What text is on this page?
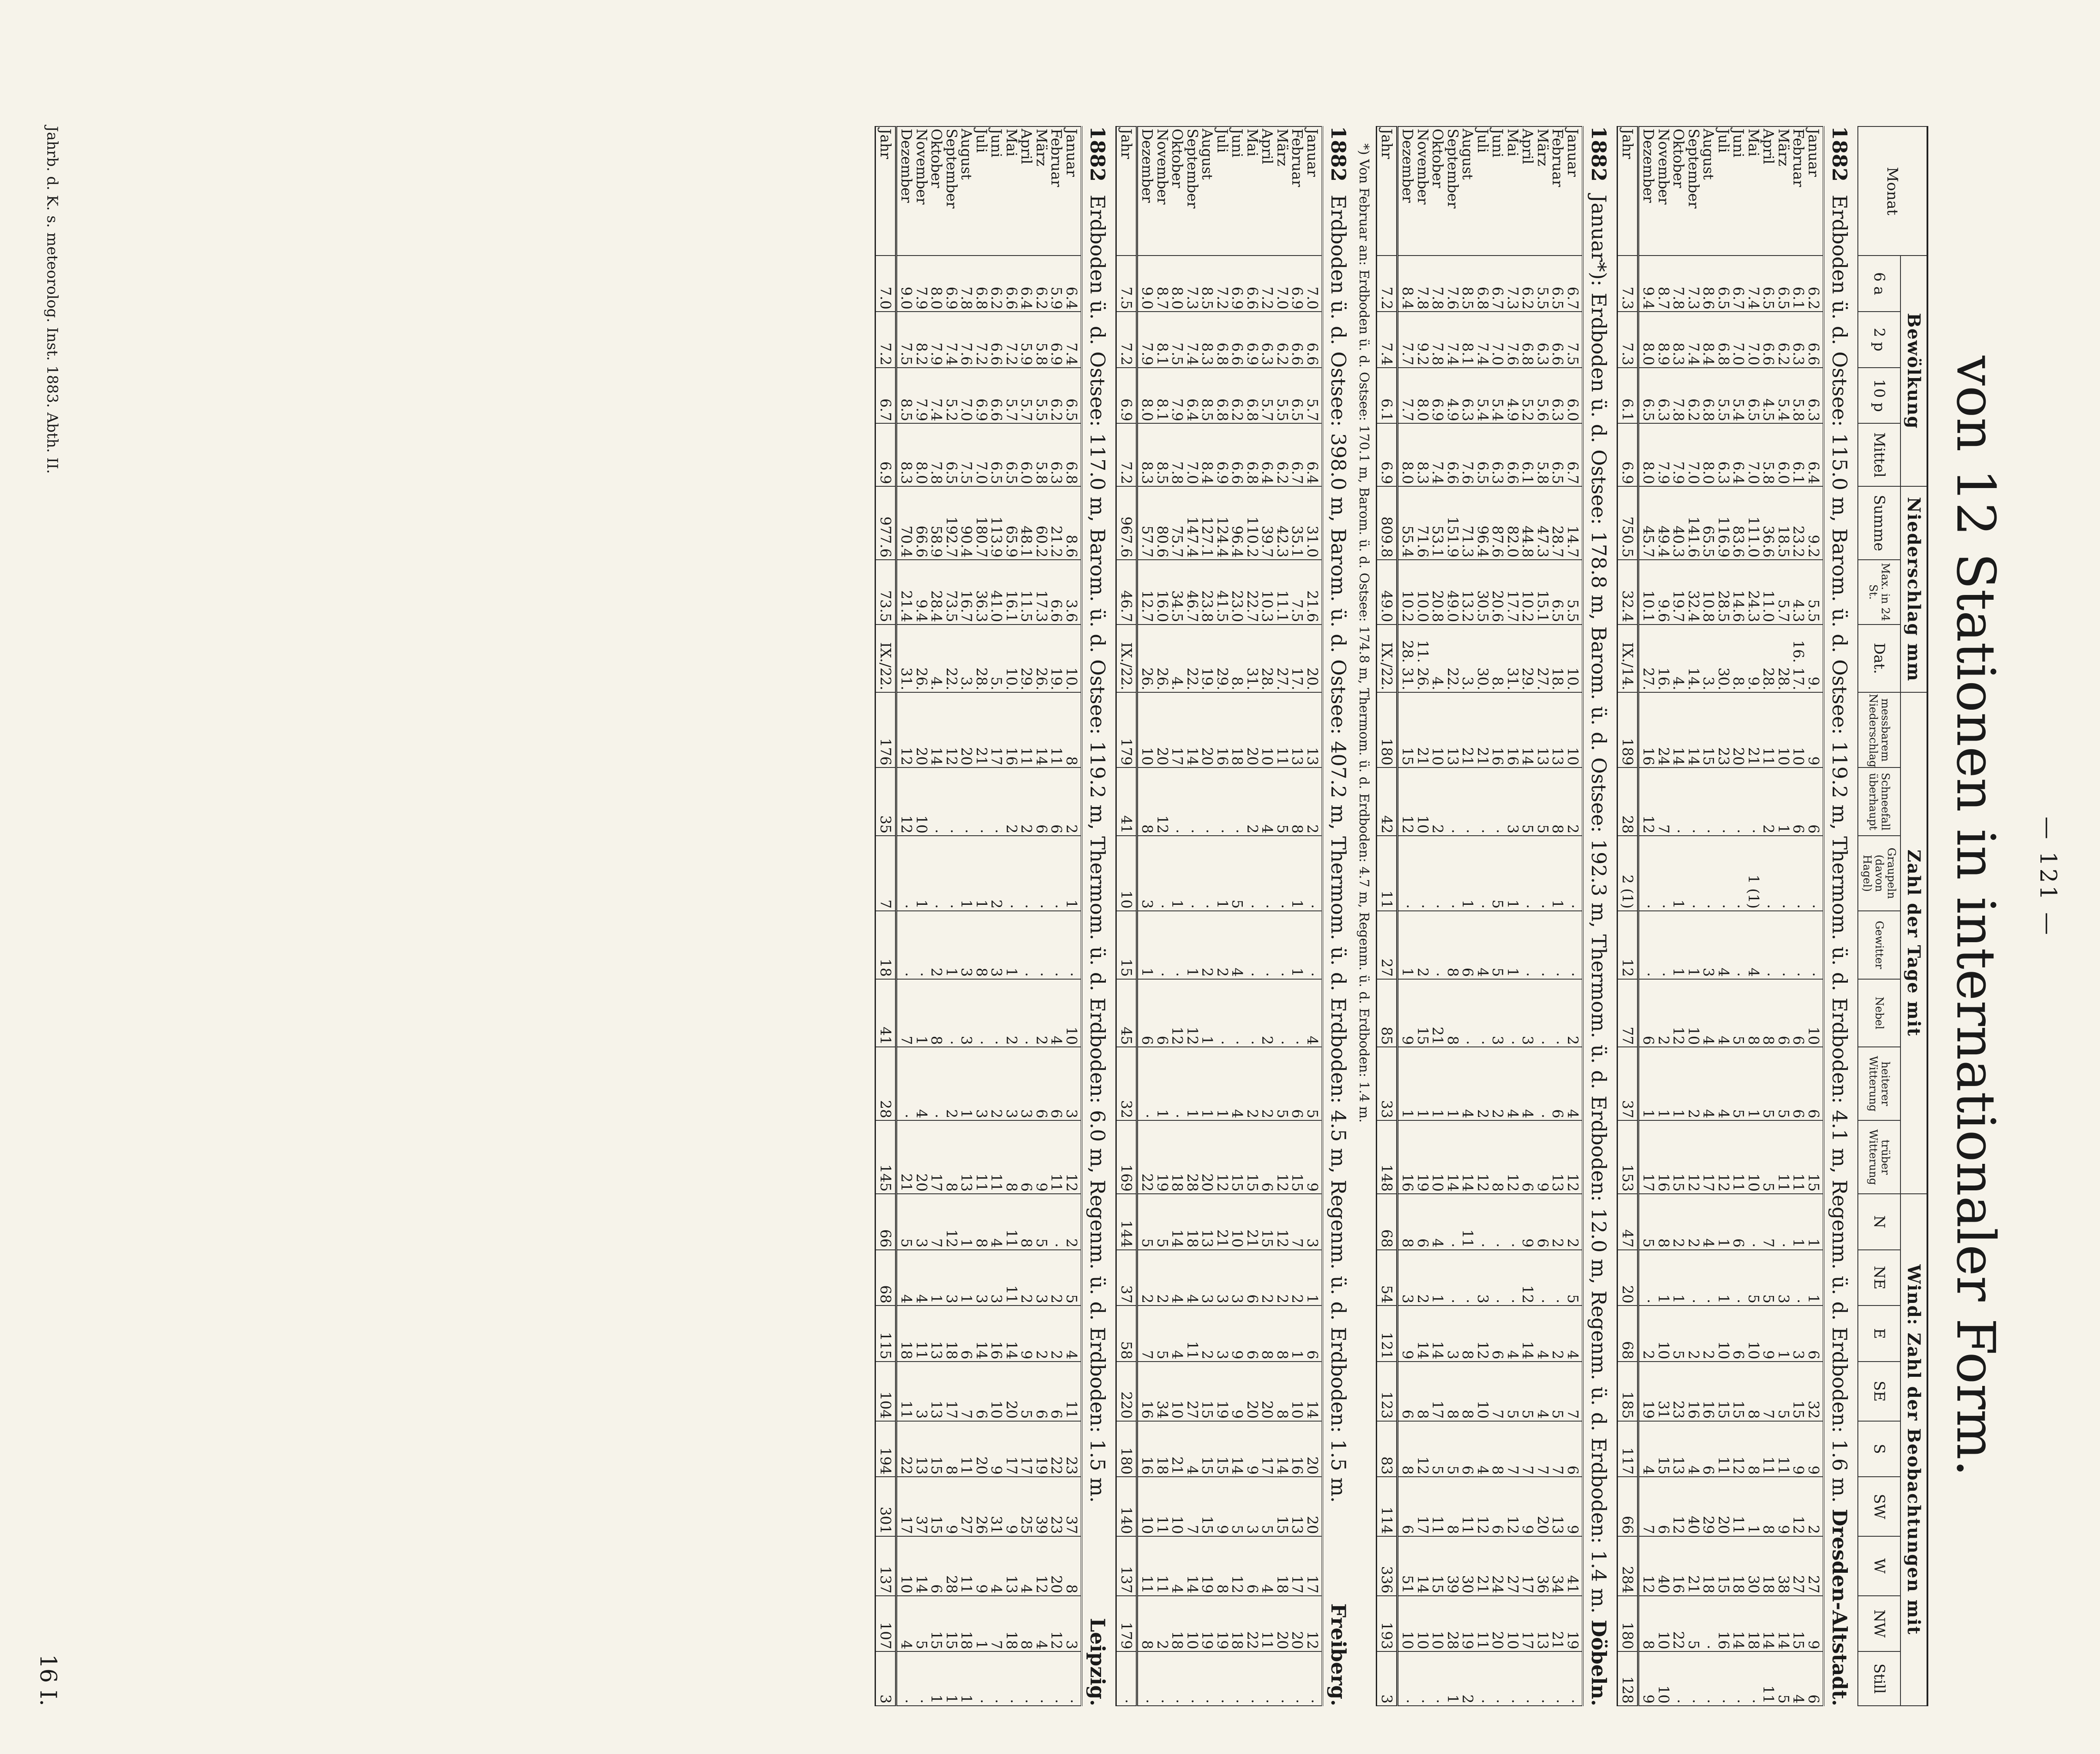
— 121 —
von 12 Stationen in internationaler Form.
Monat	Bewölkung				Niederschlag mm			Zahl der Tage mit							Wind: Zahl der Beobachtungen mit								
	6 a	2 p	10 p	Mittel	Summe	Max. in 24 St.	Dat.	messbarem Niederschlag	Schneefall überhaupt	Graupeln (davon Hagel)	Gewitter	Nebel	heiterer Witterung	trüber Witterung	N	NE	E	SE	S	SW	W	NW	Still
1882
Erdboden ü. d. Ostsee: 115.0 m, Barom. ü. d. Ostsee: 119.2 m, Thermom. ü. d. Erdboden: 4.1 m, Regenm. ü. d. Erdboden: 1.6 m.
Dresden-Altstadt.
Januar	6.2	6.6	6.3	6.4	9.2	5.5	9.	9	6	·	·	10	6	15	1	1	6	32	9	2	27	9	6
Februar	6.1	6.3	5.8	6.1	23.2	4.3	16. 17.	10	6	·	·	6	6	11	1	·	3	15	9	12	27	15	4
März	6.5	6.2	5.4	6.0	18.5	5.7	28.	10	1	·	·	6	5	11	·	3	1	5	11	9	38	14	5
April	6.5	6.6	4.5	5.8	36.6	11.0	28.	11	2	·	·	8	5	5	7	5	9	7	11	8	18	14	11
Mai	7.4	7.0	6.5	7.0	111.0	24.3	9.	21	·	1 (1)	4	8	1	10	·	5	10	8	8	1	30	18	·
Juni	6.7	7.0	5.4	6.4	83.6	14.6	8.	20	·	·	·	5	5	11	6	·	6	15	12	11	18	14	·
Juli	6.5	6.8	5.5	6.3	116.9	28.5	30.	23	·	·	4	4	4	12	1	1	10	15	11	20	15	16	·
August	8.6	8.4	6.8	8.0	65.5	10.8	3.	15	·	·	3	4	4	17	4	·	2	16	6	29	18	·	·
September	7.3	7.4	6.2	7.0	141.6	32.4	14.	14	·	·	1	10	2	12	2	·	2	16	4	40	21	5	·
Oktober	7.8	8.3	7.8	7.9	40.3	19.7	4.	14	·	1	1	12	1	15	2	1	5	23	13	12	16	22	·
November	8.7	8.9	6.3	7.9	49.4	9.6	16.	24	7	·	·	2	1	16	8	1	10	31	15	6	40	10	10
Dezember	9.4	8.0	6.5	8.0	45.7	10.1	27.	16	12	·	·	6	1	17	5	·	2	19	4	7	12	8	9
Jahr	7.3	7.3	6.1	6.9	750.5	32.4	IX./14.	189	28	2 (1)	12	77	37	153	47	20	68	185	117	66	284	180	128
1882
Januar*): Erdboden ü. d. Ostsee: 178.8 m, Barom. ü. d. Ostsee: 192.3 m, Thermom. ü. d. Erdboden: 12.0 m, Regenm. ü. d. Erdboden: 1.4 m.
Döbeln.
Januar	6.7	7.5	6.0	6.7	14.7	5.5	10.	10	2	·	·	2	4	12	2	5	4	7	6	9	41	19	·
Februar	6.5	6.6	6.3	6.5	28.7	6.5	18.	13	8	1	·	·	6	13	2	·	2	5	7	13	34	21	·
März	5.5	6.3	5.6	5.8	47.3	15.1	27.	13	5	·	·	·	·	9	6	·	4	4	7	20	36	13	·
April	6.2	6.8	5.2	6.1	44.8	10.2	29.	14	5	·	·	3	4	6	9	12	14	5	7	9	17	17	·
Mai	7.3	7.6	4.9	6.6	82.0	17.7	31.	16	3	1	1	·	4	12	·	·	4	5	7	12	27	10	·
Juni	6.7	7.0	5.4	6.3	87.6	20.6	8.	16	·	5	5	3	2	8	·	·	6	7	8	6	24	20	·
Juli	6.8	7.4	5.4	6.5	96.4	30.5	30.	21	·	·	4	·	2	12	·	3	12	10	4	12	21	11	·
August	8.5	8.1	6.3	7.6	71.3	13.2	3.	21	·	1	6	·	4	14	11	·	8	8	6	11	30	19	2
September	7.6	7.4	4.9	6.6	151.9	49.0	22.	13	·	·	8	8	1	14	·	·	3	8	5	8	39	28	1
Oktober	7.8	7.8	6.9	7.4	53.1	20.8	4.	10	2	·	·	21	1	10	4	1	14	17	5	11	15	10	·
November	7.8	9.2	8.0	8.3	71.6	10.0	11. 26.	21	10	·	2	15	1	19	6	2	14	8	12	17	14	10	·
Dezember	8.4	7.7	7.7	8.0	55.4	10.2	28. 31.	15	12	·	1	9	1	16	8	3	9	6	8	6	51	10	·
Jahr	7.2	7.4	6.1	6.9	809.8	49.0	IX./22.	180	42	11	27	85	33	148	68	54	121	123	83	114	336	193	3
*) Von Februar an: Erdboden ü. d. Ostsee: 170.1 m, Barom. ü. d. Ostsee: 174.8 m, Thermom. ü. d. Erdboden: 4.7 m, Regenm. ü. d. Erdboden: 1.4 m.
1882
Erdboden ü. d. Ostsee: 398.0 m, Barom. ü. d. Ostsee: 407.2 m, Thermom. ü. d. Erdboden: 4.5 m, Regenm. ü. d. Erdboden: 1.5 m.
Freiberg.
Januar	7.0	6.6	5.7	6.4	31.0	21.6	20.	13	2	·	·	4	5	9	3	1	6	14	20	20	17	12	·
Februar	6.9	6.6	6.5	6.7	35.1	7.5	17.	13	8	1	1	·	6	15	7	2	1	10	16	13	17	20	·
März	7.0	6.2	5.5	6.2	42.3	11.1	27.	11	5	·	·	·	5	12	12	2	8	8	14	15	18	20	·
April	7.2	6.3	5.7	6.4	39.7	10.3	28.	10	4	·	·	2	2	6	15	2	8	20	17	5	4	11	·
Mai	6.6	6.9	6.8	6.8	110.2	22.7	31.	20	2	·	·	·	2	15	21	6	6	20	9	3	6	22	·
Juni	6.9	6.6	6.2	6.6	96.4	23.0	8.	18	·	5	4	·	4	15	10	3	9	9	14	5	12	18	·
Juli	7.2	6.8	6.8	6.9	124.4	41.5	29.	16	·	1	2	·	1	12	21	3	3	19	15	9	8	19	·
August	8.5	8.3	8.5	8.4	127.1	23.8	19.	20	·	·	2	1	1	20	13	3	2	15	15	15	19	19	·
September	7.3	7.4	6.4	7.0	147.4	46.7	22.	14	·	·	1	12	1	28	18	4	11	27	4	7	14	10	·
Oktober	8.0	7.5	7.9	7.8	75.7	34.5	4.	17	·	1	·	12	·	18	14	4	4	10	21	10	4	18	·
November	8.7	8.1	8.1	8.5	80.6	16.0	26.	20	12	·	·	6	1	19	5	2	5	34	18	11	11	2	·
Dezember	9.0	7.9	8.0	8.3	57.7	12.7	26.	10	8	3	1	6	·	22	5	2	7	16	16	10	11	8	·
Jahr	7.5	7.2	6.9	7.2	967.6	46.7	IX./22.	179	41	10	15	45	32	169	144	37	58	220	180	140	137	179	·
1882
Erdboden ü. d. Ostsee: 117.0 m, Barom. ü. d. Ostsee: 119.2 m, Thermom. ü. d. Erdboden: 6.0 m, Regenm. ü. d. Erdboden: 1.5 m.
Leipzig.
Januar	6.4	7.4	6.5	6.8	8.6	3.6	10.	8	2	1	·	10	3	12	2	5	4	11	23	37	8	3	·
Februar	5.9	6.9	6.2	6.3	21.2	6.6	19.	11	6	·	·	4	6	11	·	2	2	6	22	23	20	12	·
März	6.2	5.8	5.5	5.8	60.2	17.3	26.	14	6	·	·	2	6	9	5	3	2	6	19	39	12	4	·
April	6.4	5.9	5.7	6.0	48.1	11.5	29.	11	2	·	·	·	3	6	8	2	9	5	17	25	4	8	·
Mai	6.6	7.2	5.7	6.5	65.9	16.1	10.	16	2	·	1	2	3	8	11	11	14	20	17	9	13	18	·
Juni	6.2	6.6	6.6	6.5	113.9	41.0	5.	17	·	2	3	·	2	11	4	3	16	10	9	31	4	7	·
Juli	6.8	7.2	6.9	7.0	180.7	36.3	28.	21	·	1	8	·	3	11	8	3	14	6	20	26	9	1	·
August	7.8	7.6	7.0	7.5	90.4	16.7	3.	20	·	1	3	3	1	13	1	1	6	7	11	27	11	18	1
September	6.9	7.4	5.2	6.5	192.7	73.5	22.	12	·	·	1	·	2	8	12	3	18	17	8	9	28	15	1
Oktober	8.0	7.9	7.4	7.8	58.9	28.4	4.	14	·	·	2	8	·	17	7	1	13	13	15	15	6	15	1
November	7.9	8.2	7.9	8.0	66.6	9.4	26.	20	10	1	·	1	4	20	3	4	11	3	13	37	14	5	·
Dezember	9.0	7.5	8.5	8.3	70.4	21.4	31.	12	12	·	·	7	·	21	5	4	18	11	22	17	10	4	·
Jahr	7.0	7.2	6.7	6.9	977.6	73.5	IX./22.	176	35	7	18	41	28	145	66	68	115	104	194	301	137	107	3
Jahrb. d. K. s. meteorolog. Inst. 1883. Abth. II.
16 I.
